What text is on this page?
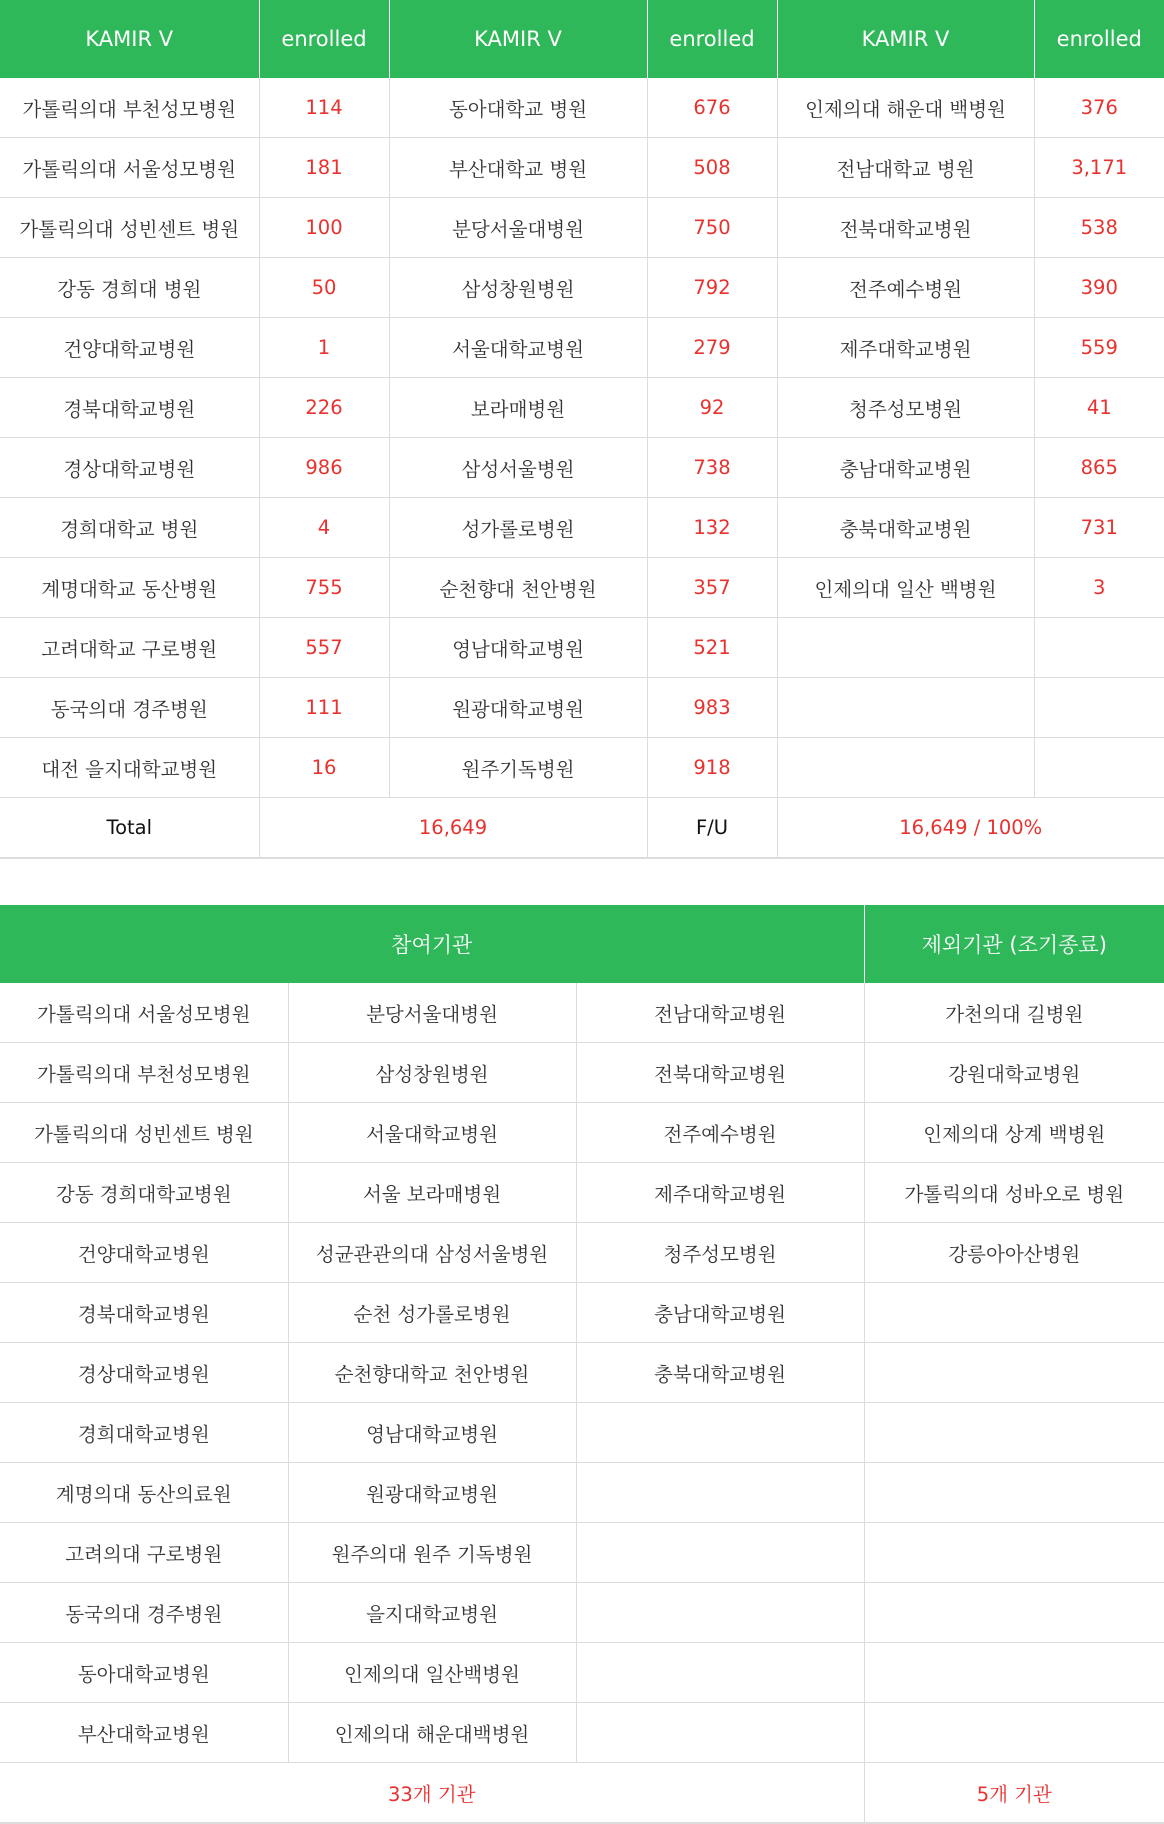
KAMIR V	enrolled	KAMIR V	enrolled	KAMIR V	enrolled
가톨릭의대 부천성모병원	114	동아대학교 병원	676	인제의대 해운대 백병원	376
가톨릭의대 서울성모병원	181	부산대학교 병원	508	전남대학교 병원	3,171
가톨릭의대 성빈센트 병원	100	분당서울대병원	750	전북대학교병원	538
강동 경희대 병원	50	삼성창원병원	792	전주예수병원	390
건양대학교병원	1	서울대학교병원	279	제주대학교병원	559
경북대학교병원	226	보라매병원	92	청주성모병원	41
경상대학교병원	986	삼성서울병원	738	충남대학교병원	865
경희대학교 병원	4	성가롤로병원	132	충북대학교병원	731
계명대학교 동산병원	755	순천향대 천안병원	357	인제의대 일산 백병원	3
고려대학교 구로병원	557	영남대학교병원	521		
동국의대 경주병원	111	원광대학교병원	983		
대전 을지대학교병원	16	원주기독병원	918		
Total	16,649		F/U	16,649 / 100%	
참여기관			제외기관 (조기종료)
가톨릭의대 서울성모병원	분당서울대병원	전남대학교병원	가천의대 길병원
가톨릭의대 부천성모병원	삼성창원병원	전북대학교병원	강원대학교병원
가톨릭의대 성빈센트 병원	서울대학교병원	전주예수병원	인제의대 상계 백병원
강동 경희대학교병원	서울 보라매병원	제주대학교병원	가톨릭의대 성바오로 병원
건양대학교병원	성균관관의대 삼성서울병원	청주성모병원	강릉아아산병원
경북대학교병원	순천 성가롤로병원	충남대학교병원	
경상대학교병원	순천향대학교 천안병원	충북대학교병원	
경희대학교병원	영남대학교병원		
계명의대 동산의료원	원광대학교병원		
고려의대 구로병원	원주의대 원주 기독병원		
동국의대 경주병원	을지대학교병원		
동아대학교병원	인제의대 일산백병원		
부산대학교병원	인제의대 해운대백병원		
33개 기관			5개 기관
